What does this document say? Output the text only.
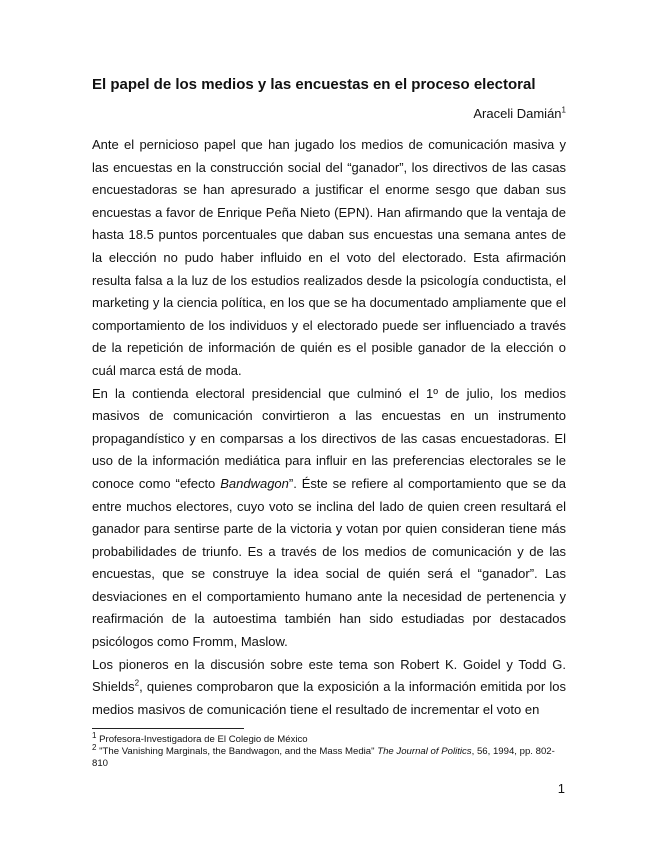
El papel de los medios y las encuestas en el proceso electoral
Araceli Damián$^1$

Ante el pernicioso papel que han jugado los medios de comunicación masiva y las encuestas en la construcción social del “ganador”, los directivos de las casas encuestadoras se han apresurado a justificar el enorme sesgo que daban sus encuestas a favor de Enrique Peña Nieto (EPN). Han afirmando que la ventaja de hasta 18.5 puntos porcentuales que daban sus encuestas una semana antes de la elección no pudo haber influido en el voto del electorado. Esta afirmación resulta falsa a la luz de los estudios realizados desde la psicología conductista, el marketing y la ciencia política, en los que se ha documentado ampliamente que el comportamiento de los individuos y el electorado puede ser influenciado a través de la repetición de información de quién es el posible ganador de la elección o cuál marca está de moda.

En la contienda electoral presidencial que culminó el 1º de julio, los medios masivos de comunicación convirtieron a las encuestas en un instrumento propagandístico y en comparsas a los directivos de las casas encuestadoras. El uso de la información mediática para influir en las preferencias electorales se le conoce como “efecto Bandwagon”. Éste se refiere al comportamiento que se da entre muchos electores, cuyo voto se inclina del lado de quien creen resultará el ganador para sentirse parte de la victoria y votan por quien consideran tiene más probabilidades de triunfo. Es a través de los medios de comunicación y de las encuestas, que se construye la idea social de quién será el “ganador”. Las desviaciones en el comportamiento humano ante la necesidad de pertenencia y reafirmación de la autoestima también han sido estudiadas por destacados psicólogos como Fromm, Maslow.

Los pioneros en la discusión sobre este tema son Robert K. Goidel y Todd G. Shields$^2$, quienes comprobaron que la exposición a la información emitida por los medios masivos de comunicación tiene el resultado de incrementar el voto en

$^1$ Profesora-Investigadora de El Colegio de México

$^2$ "The Vanishing Marginals, the Bandwagon, and the Mass Media" The Journal of Politics, 56, 1994, pp. 802-810

1
